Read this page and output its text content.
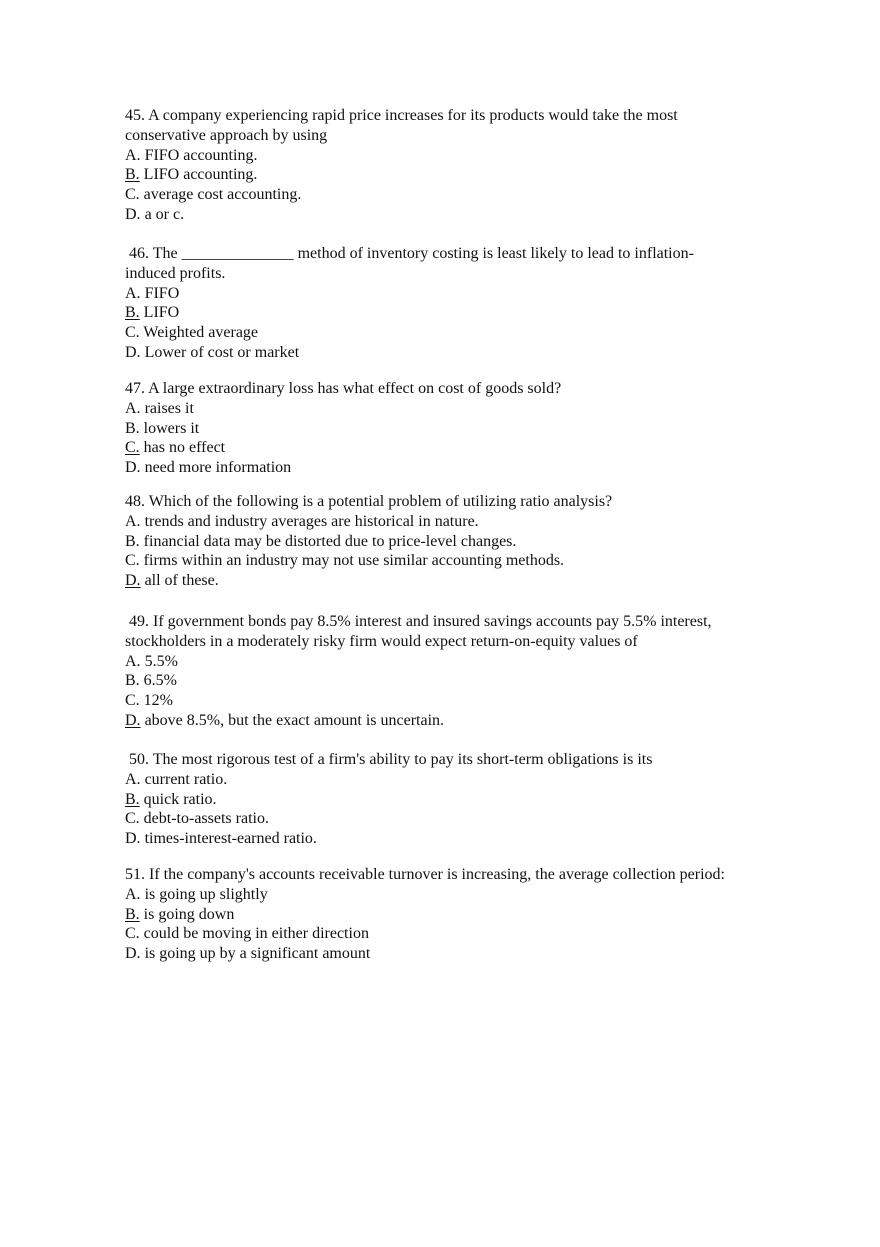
45. A company experiencing rapid price increases for its products would take the most
conservative approach by using
A. FIFO accounting.
B. LIFO accounting.
C. average cost accounting.
D. a or c.
46. The ______________ method of inventory costing is least likely to lead to inflation-
induced profits.
A. FIFO
B. LIFO
C. Weighted average
D. Lower of cost or market
47. A large extraordinary loss has what effect on cost of goods sold?
A. raises it
B. lowers it
C. has no effect
D. need more information
48. Which of the following is a potential problem of utilizing ratio analysis?
A. trends and industry averages are historical in nature.
B. financial data may be distorted due to price-level changes.
C. firms within an industry may not use similar accounting methods.
D. all of these.
49. If government bonds pay 8.5% interest and insured savings accounts pay 5.5% interest,
stockholders in a moderately risky firm would expect return-on-equity values of
A. 5.5%
B. 6.5%
C. 12%
D. above 8.5%, but the exact amount is uncertain.
50. The most rigorous test of a firm's ability to pay its short-term obligations is its
A. current ratio.
B. quick ratio.
C. debt-to-assets ratio.
D. times-interest-earned ratio.
51. If the company's accounts receivable turnover is increasing, the average collection period:
A. is going up slightly
B. is going down
C. could be moving in either direction
D. is going up by a significant amount
